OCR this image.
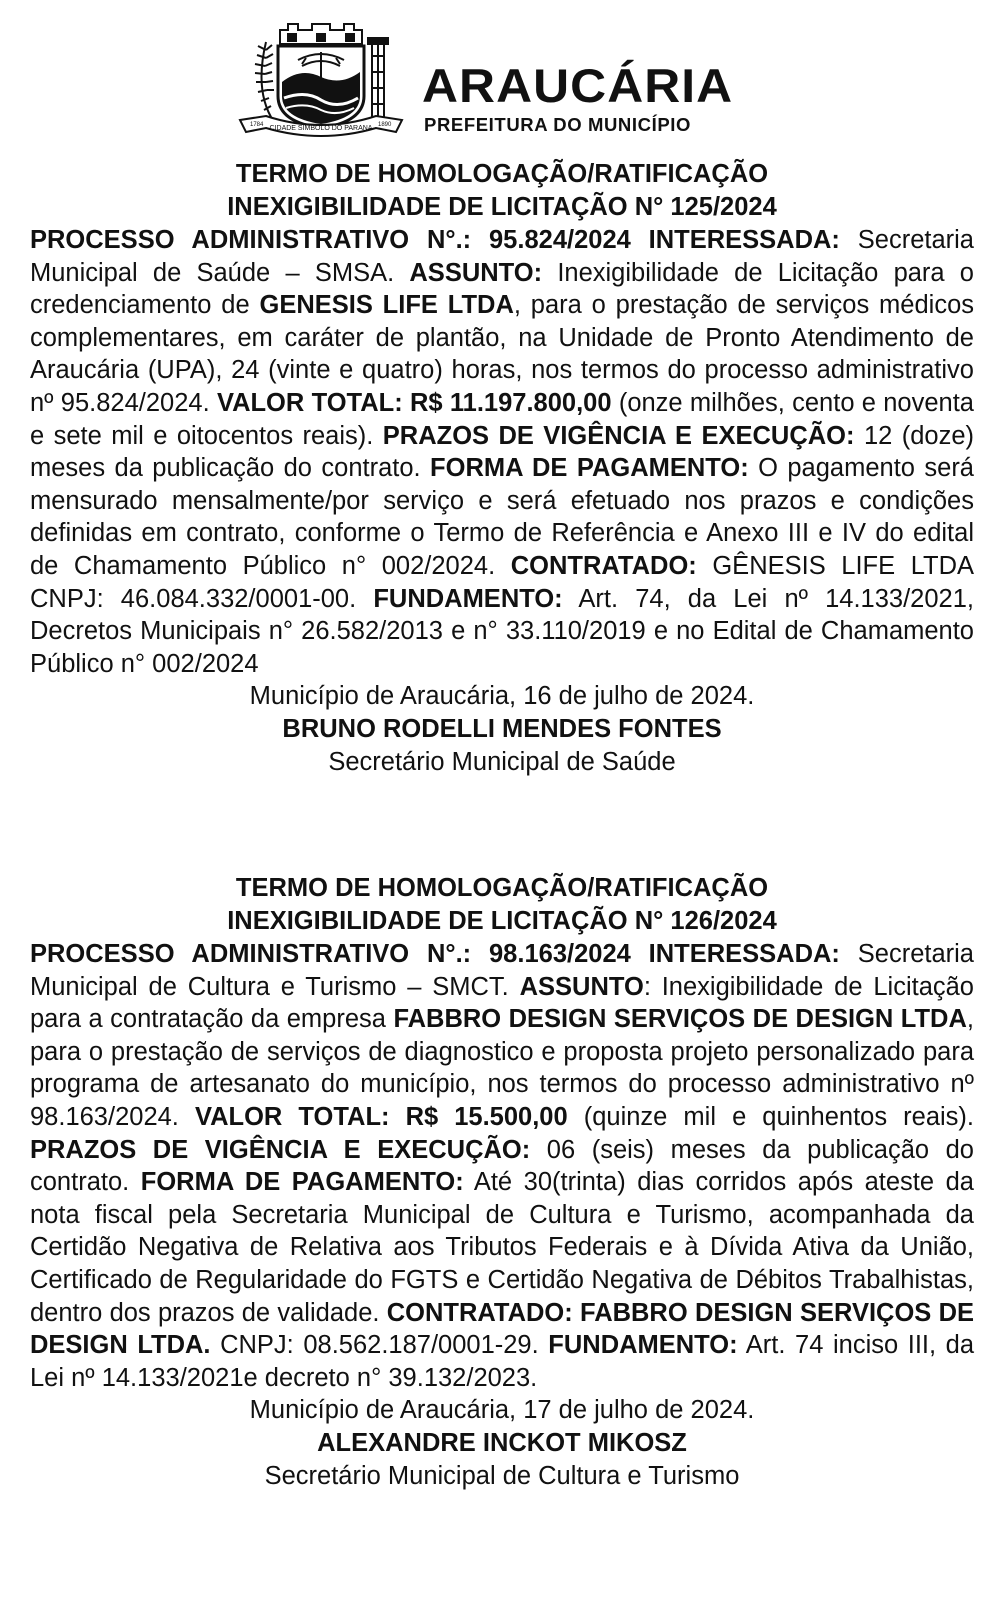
CIDADE SIMBOLO DO PARANA
1784	1890
ARAUCÁRIA
PREFEITURA DO MUNICÍPIO

TERMO DE HOMOLOGAÇÃO/RATIFICAÇÃO

INEXIGIBILIDADE DE LICITAÇÃO N° 125/2024

PROCESSO ADMINISTRATIVO N°.: 95.824/2024 INTERESSADA: Secretaria Municipal de Saúde – SMSA. ASSUNTO: Inexigibilidade de Licitação para o credenciamento de GENESIS LIFE LTDA, para o prestação de serviços médicos complementares, em caráter de plantão, na Unidade de Pronto Atendimento de Araucária (UPA), 24 (vinte e quatro) horas, nos termos do processo administrativo nº 95.824/2024. VALOR TOTAL: R$ 11.197.800,00 (onze milhões, cento e noventa e sete mil e oitocentos reais). PRAZOS DE VIGÊNCIA E EXECUÇÃO: 12 (doze) meses da publicação do contrato. FORMA DE PAGAMENTO: O pagamento será mensurado mensalmente/por serviço e será efetuado nos prazos e condições definidas em contrato, conforme o Termo de Referência e Anexo III e IV do edital de Chamamento Público n° 002/2024. CONTRATADO: GÊNESIS LIFE LTDA CNPJ: 46.084.332/0001-00. FUNDAMENTO: Art. 74, da Lei nº 14.133/2021, Decretos Municipais n° 26.582/2013 e n° 33.110/2019 e no Edital de Chamamento Público n° 002/2024

Município de Araucária, 16 de julho de 2024.

BRUNO RODELLI MENDES FONTES

Secretário Municipal de Saúde

TERMO DE HOMOLOGAÇÃO/RATIFICAÇÃO

INEXIGIBILIDADE DE LICITAÇÃO N° 126/2024

PROCESSO ADMINISTRATIVO N°.: 98.163/2024 INTERESSADA: Secretaria Municipal de Cultura e Turismo – SMCT. ASSUNTO: Inexigibilidade de Licitação para a contratação da empresa FABBRO DESIGN SERVIÇOS DE DESIGN LTDA, para o prestação de serviços de diagnostico e proposta projeto personalizado para programa de artesanato do município, nos termos do processo administrativo nº 98.163/2024. VALOR TOTAL: R$ 15.500,00 (quinze mil e quinhentos reais). PRAZOS DE VIGÊNCIA E EXECUÇÃO: 06 (seis) meses da publicação do contrato. FORMA DE PAGAMENTO: Até 30(trinta) dias corridos após ateste da nota fiscal pela Secretaria Municipal de Cultura e Turismo, acompanhada da Certidão Negativa de Relativa aos Tributos Federais e à Dívida Ativa da União, Certificado de Regularidade do FGTS e Certidão Negativa de Débitos Trabalhistas, dentro dos prazos de validade. CONTRATADO: FABBRO DESIGN SERVIÇOS DE DESIGN LTDA. CNPJ: 08.562.187/0001-29. FUNDAMENTO: Art. 74 inciso III, da Lei nº 14.133/2021e decreto n° 39.132/2023.

Município de Araucária, 17 de julho de 2024.

ALEXANDRE INCKOT MIKOSZ

Secretário Municipal de Cultura e Turismo
